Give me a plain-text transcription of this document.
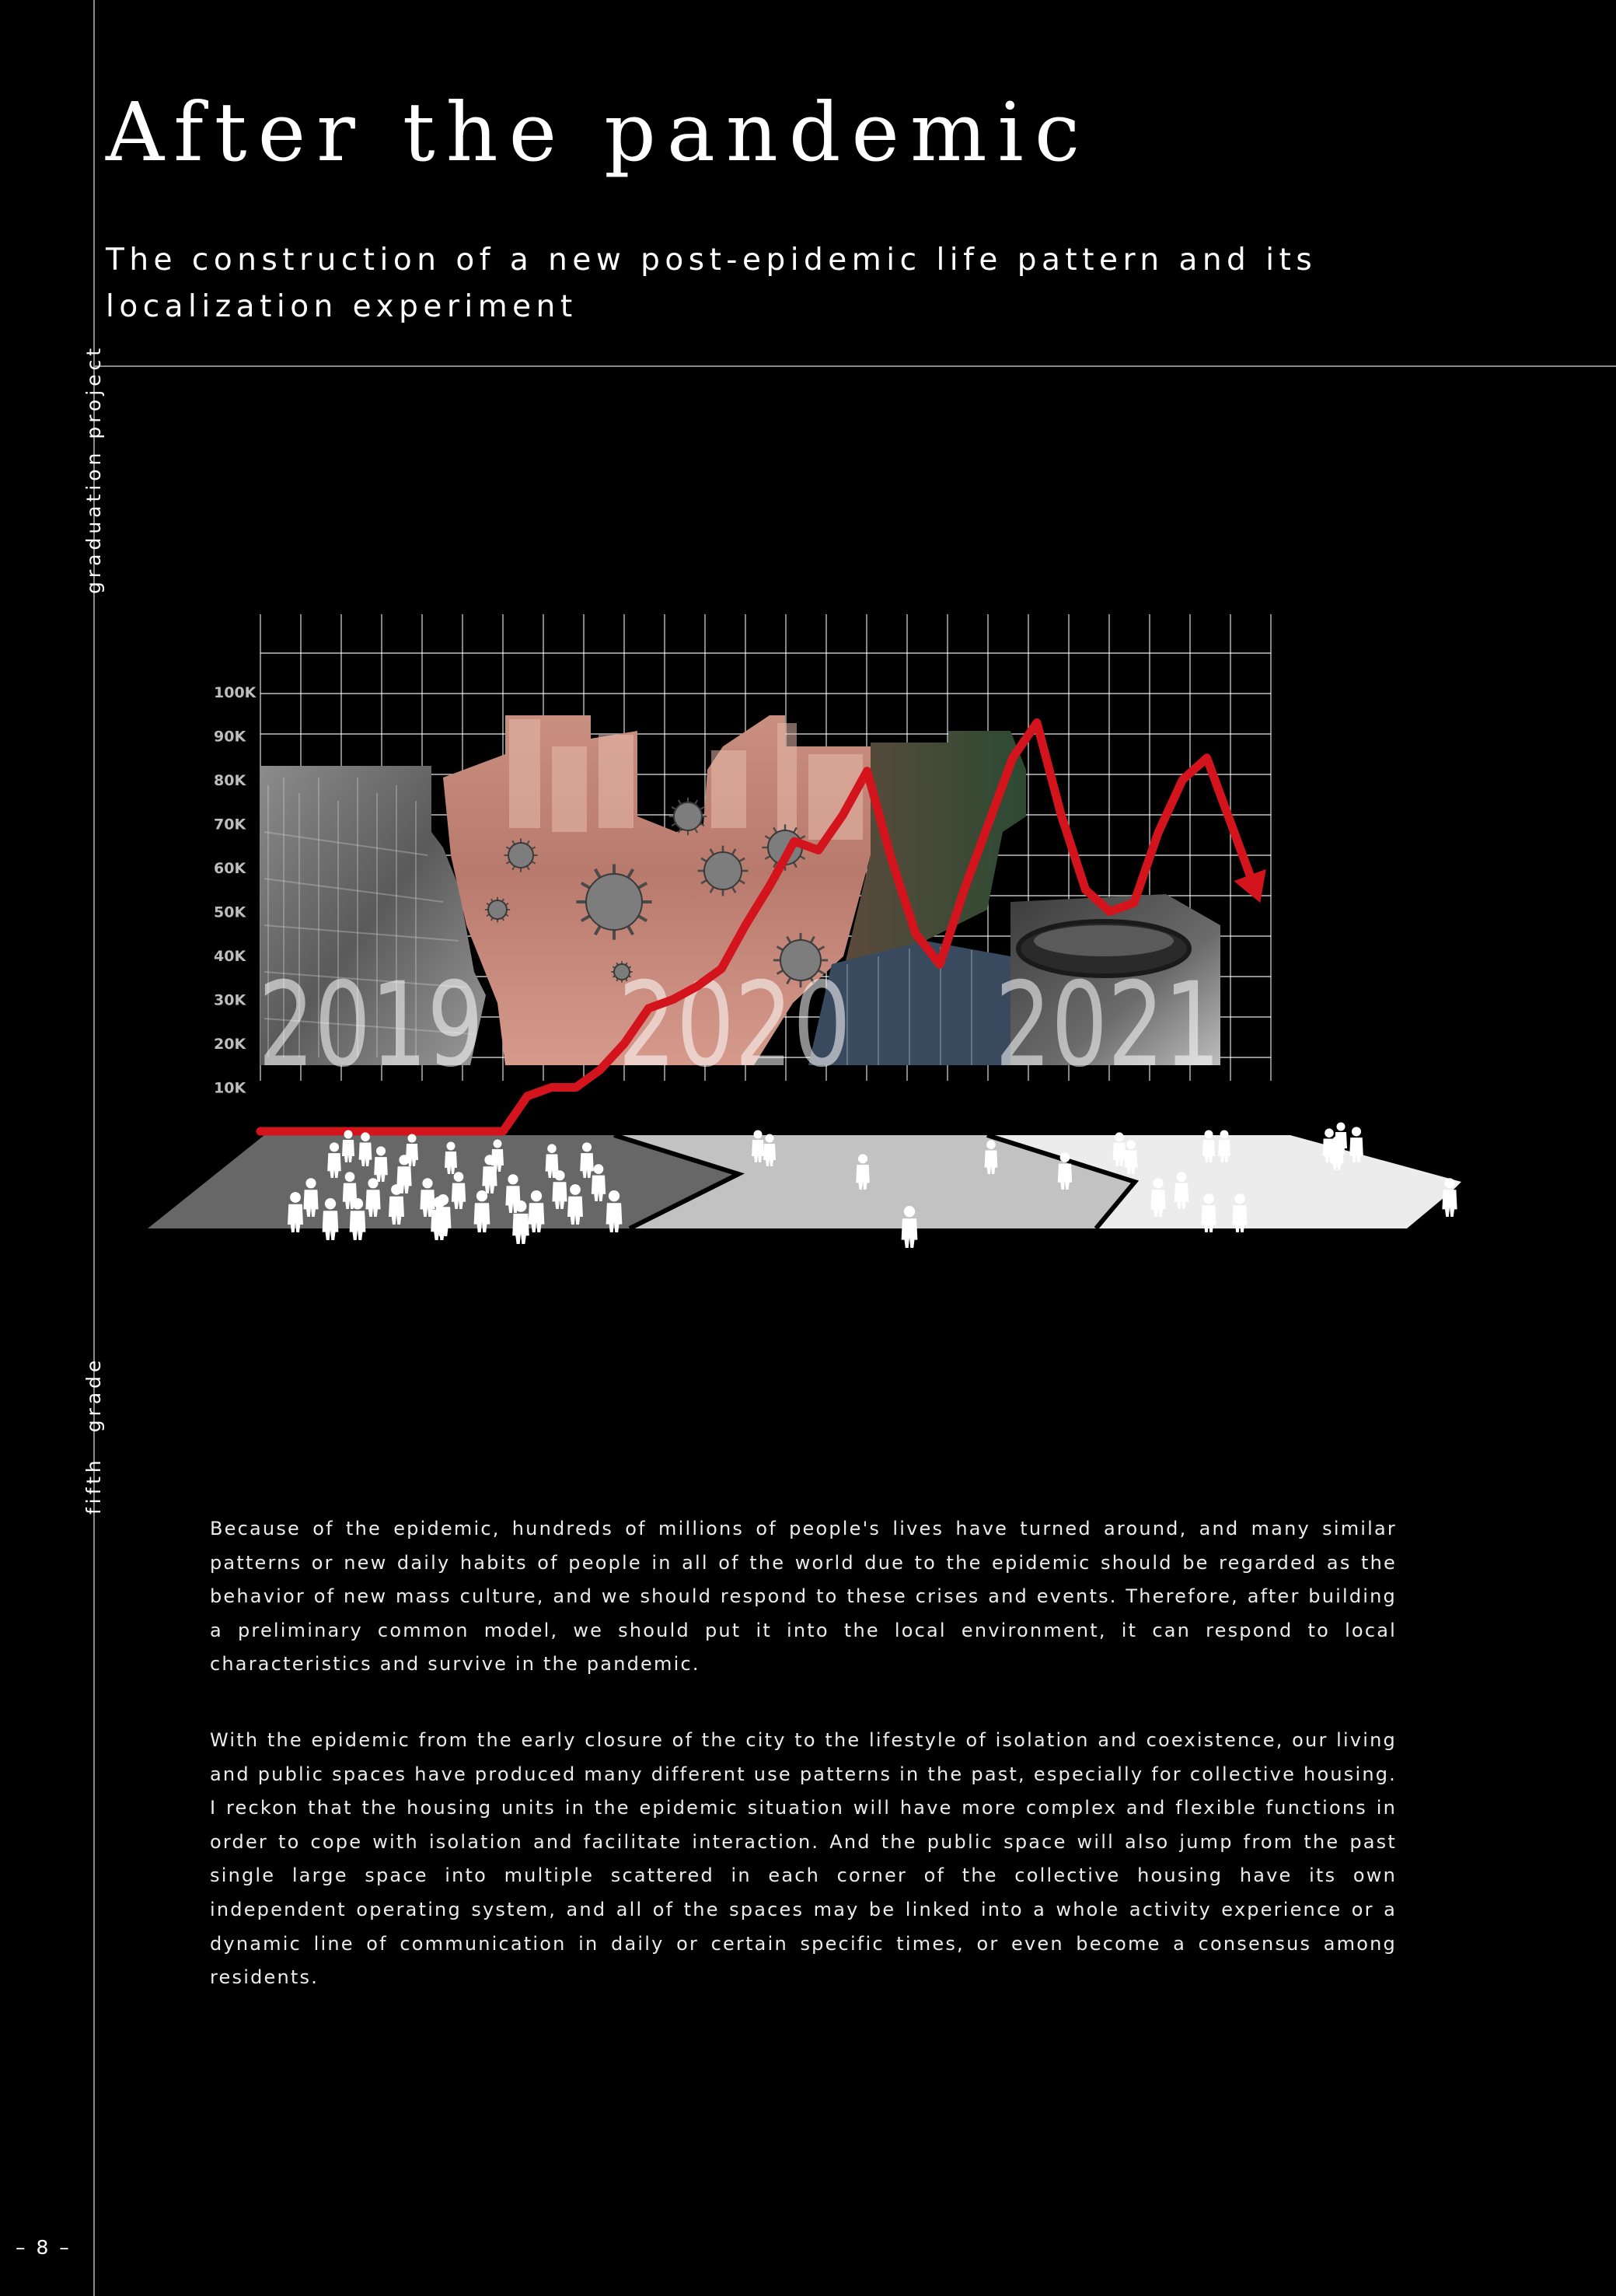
After the pandemic

The construction of a new post-epidemic life pattern and its localization experiment

graduation project
fifth grade
2019 2020 2021
10K
20K
30K
40K
50K
60K
70K
80K
90K
100K

Because of the epidemic, hundreds of millions of people's lives have turned around, and many similar patterns or new daily habits of people in all of the world due to the epidemic should be regarded as the behavior of new mass culture, and we should respond to these crises and events. Therefore, after building a preliminary common model, we should put it into the local environment, it can respond to local characteristics and survive in the pandemic.

With the epidemic from the early closure of the city to the lifestyle of isolation and coexistence, our living and public spaces have produced many different use patterns in the past, especially for collective housing. I reckon that the housing units in the epidemic situation will have more complex and flexible functions in order to cope with isolation and facilitate interaction. And the public space will also jump from the past single large space into multiple scattered in each corner of the collective housing have its own independent operating system, and all of the spaces may be linked into a whole activity experience or a dynamic line of communication in daily or certain specific times, or even become a consensus among residents.

– 8 –
